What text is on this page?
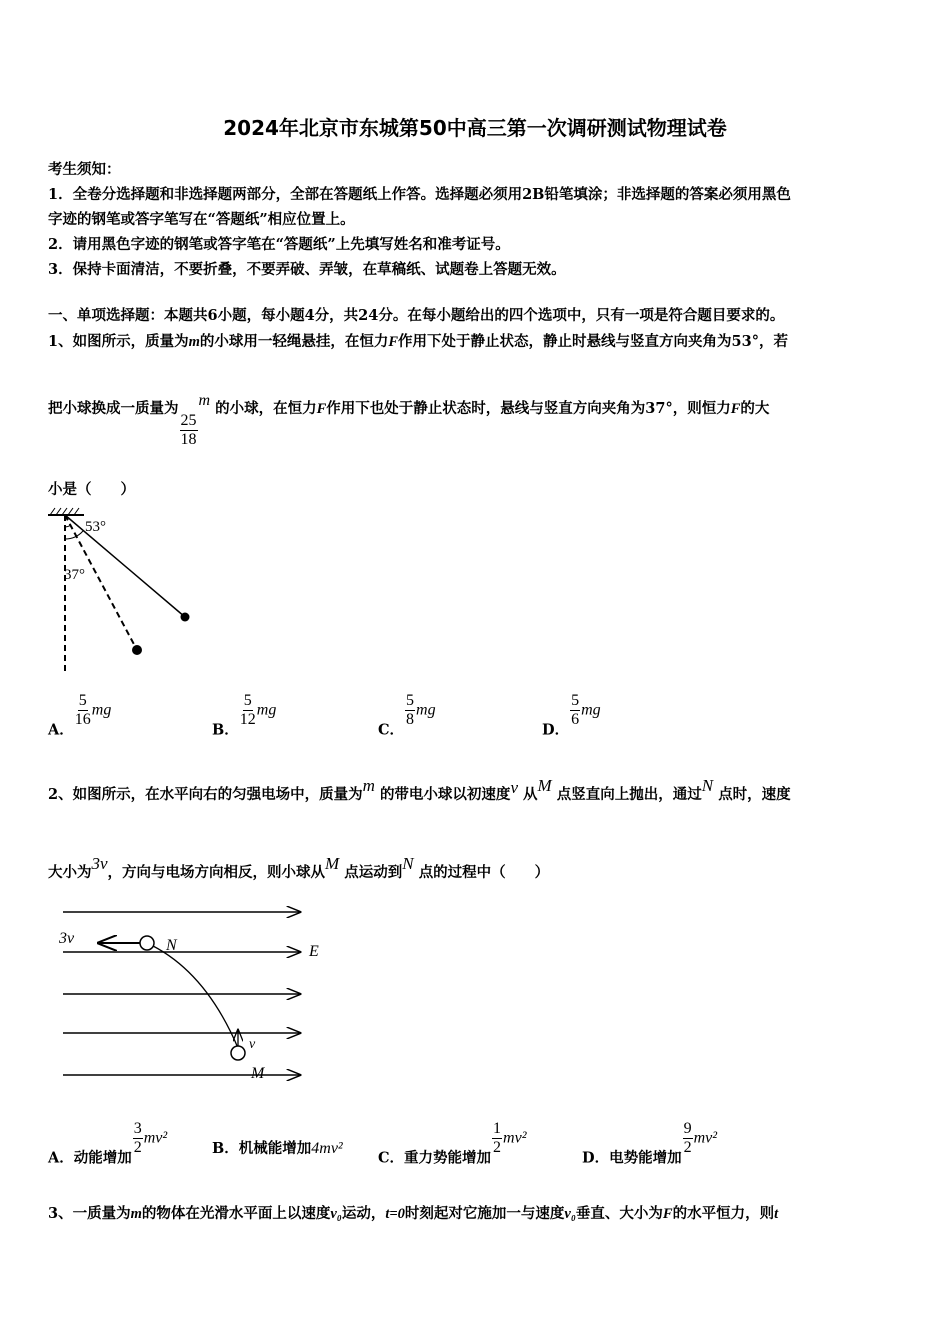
2024年北京市东城第50中高三第一次调研测试物理试卷
考生须知：
1．全卷分选择题和非选择题两部分，全部在答题纸上作答。选择题必须用2B铅笔填涂；非选择题的答案必须用黑色
字迹的钢笔或答字笔写在“答题纸”相应位置上。
2．请用黑色字迹的钢笔或答字笔在“答题纸”上先填写姓名和准考证号。
3．保持卡面清洁，不要折叠，不要弄破、弄皱，在草稿纸、试题卷上答题无效。
一、单项选择题：本题共6小题，每小题4分，共24分。在每小题给出的四个选项中，只有一项是符合题目要求的。
1、如图所示，质量为m的小球用一轻绳悬挂，在恒力F作用下处于静止状态，静止时悬线与竖直方向夹角为53°，若
把小球换成一质量为
$\frac{25}{18}$
m 的小球，在恒力F作用下也处于静止状态时，悬线与竖直方向夹角为37°，则恒力F的大
小是（　　）
53°
37°
A．
$\frac{5}{16}$ mg
B．
$\frac{5}{12}$ mg
C．
$\frac{5}{8}$ mg
D．
$\frac{5}{6}$ mg
2、如图所示，在水平向右的匀强电场中，质量为m 的带电小球以初速度v 从M 点竖直向上抛出，通过N 点时，速度
大小为3v，方向与电场方向相反，则小球从M 点运动到N 点的过程中（　　）
3v	N	E
v
M
A．动能增加
$\frac{3}{2} mv^2$
B．机械能增加4mv²
C．重力势能增加
$\frac{1}{2} mv^2$
D．电势能增加
$\frac{9}{2} mv^2$
3、一质量为m的物体在光滑水平面上以速度v₀运动，t=0时刻起对它施加一与速度v₀垂直、大小为F的水平恒力，则t
